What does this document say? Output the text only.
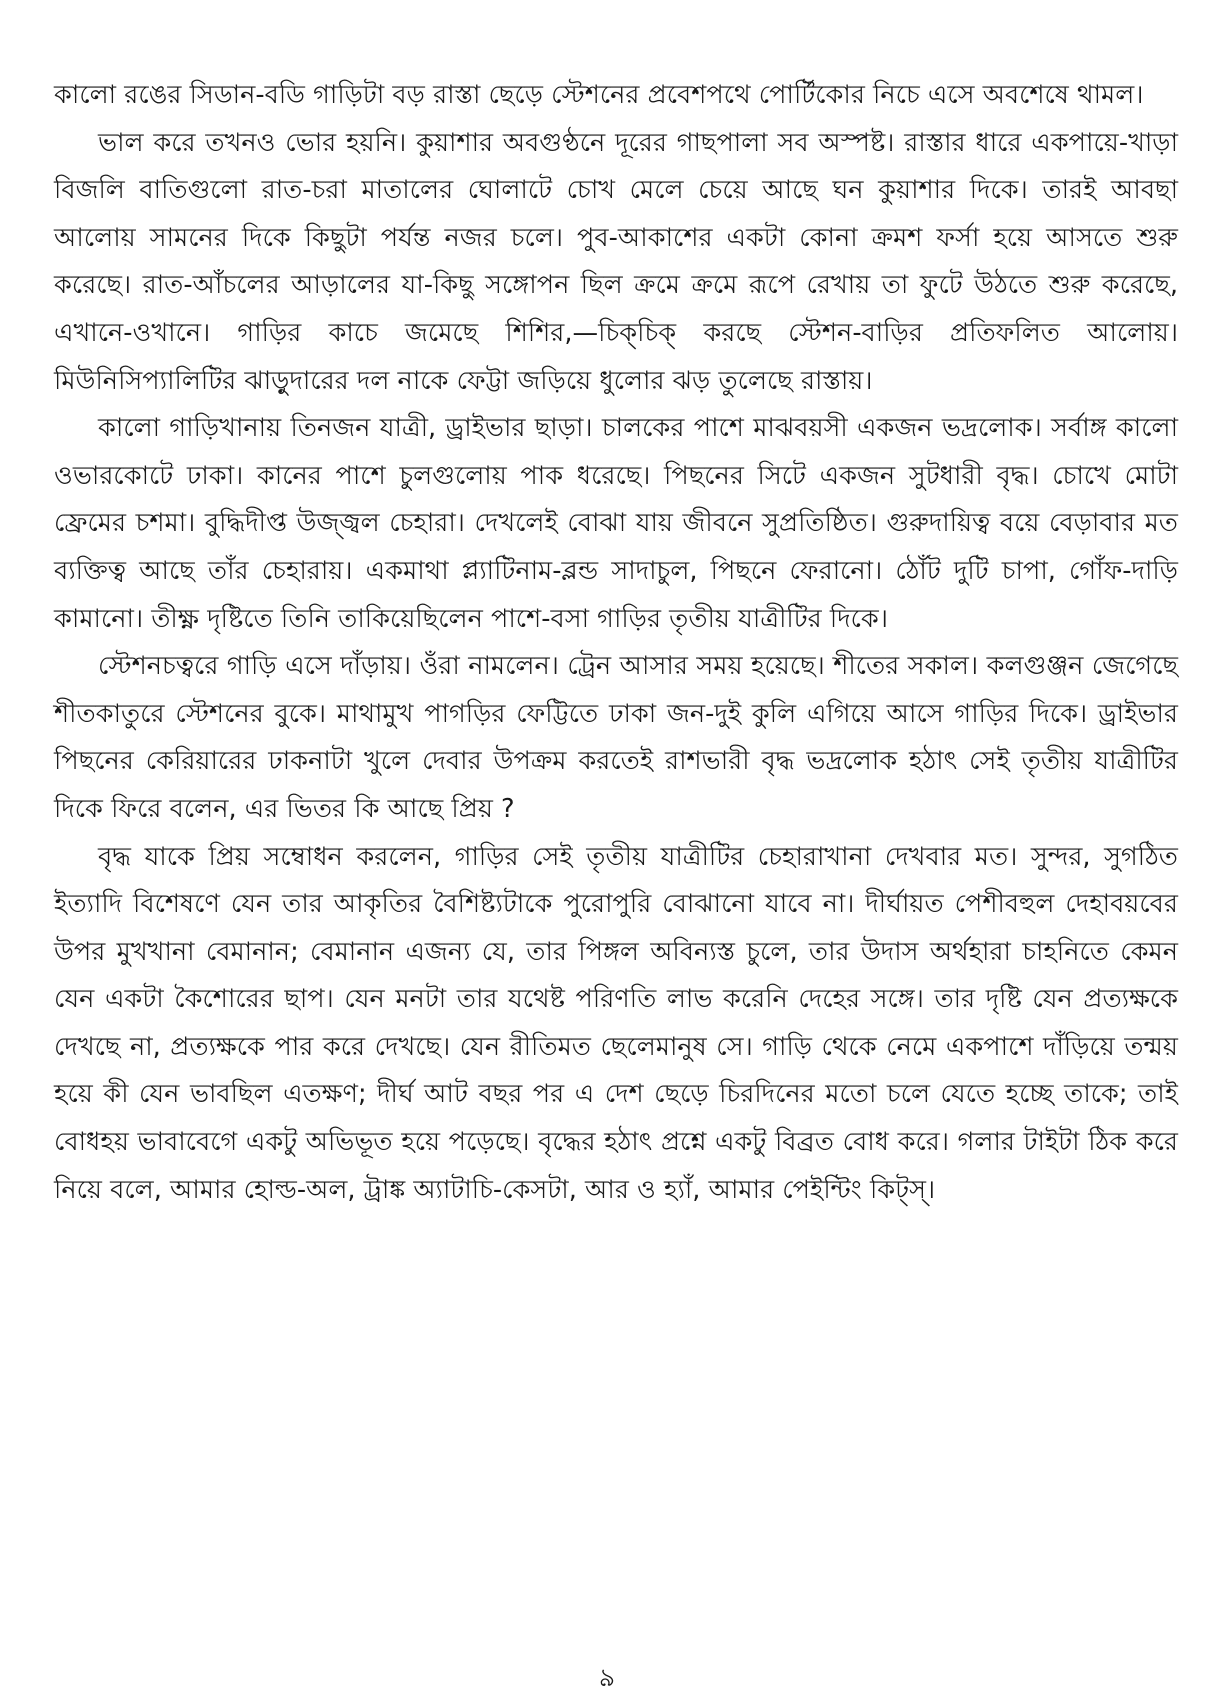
কালো রঙের সিডান-বডি গাড়িটা বড় রাস্তা ছেড়ে স্টেশনের প্রবেশপথে পোর্টিকোর নিচে এসে অবশেষে থামল।

ভাল করে তখনও ভোর হয়নি। কুয়াশার অবগুণ্ঠনে দূরের গাছপালা সব অস্পষ্ট। রাস্তার ধারে একপায়ে-খাড়া বিজলি বাতিগুলো রাত-চরা মাতালের ঘোলাটে চোখ মেলে চেয়ে আছে ঘন কুয়াশার দিকে। তারই আবছা আলোয় সামনের দিকে কিছুটা পর্যন্ত নজর চলে। পুব-আকাশের একটা কোনা ক্রমশ ফর্সা হয়ে আসতে শুরু করেছে। রাত-আঁচলের আড়ালের যা-কিছু সঙ্গোপন ছিল ক্রমে ক্রমে রূপে রেখায় তা ফুটে উঠতে শুরু করেছে, এখানে-ওখানে। গাড়ির কাচে জমেছে শিশির,—চিক্‌চিক্ করছে স্টেশন-বাড়ির প্রতিফলিত আলোয়। মিউনিসিপ্যালিটির ঝাড়ুদারের দল নাকে ফেট্টা জড়িয়ে ধুলোর ঝড় তুলেছে রাস্তায়।

কালো গাড়িখানায় তিনজন যাত্রী, ড্রাইভার ছাড়া। চালকের পাশে মাঝবয়সী একজন ভদ্রলোক। সর্বাঙ্গ কালো ওভারকোটে ঢাকা। কানের পাশে চুলগুলোয় পাক ধরেছে। পিছনের সিটে একজন সুটধারী বৃদ্ধ। চোখে মোটা ফ্রেমের চশমা। বুদ্ধিদীপ্ত উজ্জ্বল চেহারা। দেখলেই বোঝা যায় জীবনে সুপ্রতিষ্ঠিত। গুরুদায়িত্ব বয়ে বেড়াবার মত ব্যক্তিত্ব আছে তাঁর চেহারায়। একমাথা প্ল্যাটিনাম-ব্লন্ড সাদাচুল, পিছনে ফেরানো। ঠোঁট দুটি চাপা, গোঁফ-দাড়ি কামানো। তীক্ষ্ণ দৃষ্টিতে তিনি তাকিয়েছিলেন পাশে-বসা গাড়ির তৃতীয় যাত্রীটির দিকে।

স্টেশনচত্বরে গাড়ি এসে দাঁড়ায়। ওঁরা নামলেন। ট্রেন আসার সময় হয়েছে। শীতের সকাল। কলগুঞ্জন জেগেছে শীতকাতুরে স্টেশনের বুকে। মাথামুখ পাগড়ির ফেট্টিতে ঢাকা জন-দুই কুলি এগিয়ে আসে গাড়ির দিকে। ড্রাইভার পিছনের কেরিয়ারের ঢাকনাটা খুলে দেবার উপক্রম করতেই রাশভারী বৃদ্ধ ভদ্রলোক হঠাৎ সেই তৃতীয় যাত্রীটির দিকে ফিরে বলেন, এর ভিতর কি আছে প্রিয় ?

বৃদ্ধ যাকে প্রিয় সম্বোধন করলেন, গাড়ির সেই তৃতীয় যাত্রীটির চেহারাখানা দেখবার মত। সুন্দর, সুগঠিত ইত্যাদি বিশেষণে যেন তার আকৃতির বৈশিষ্ট্যটাকে পুরোপুরি বোঝানো যাবে না। দীর্ঘায়ত পেশীবহুল দেহাবয়বের উপর মুখখানা বেমানান; বেমানান এজন্য যে, তার পিঙ্গল অবিন্যস্ত চুলে, তার উদাস অর্থহারা চাহনিতে কেমন যেন একটা কৈশোরের ছাপ। যেন মনটা তার যথেষ্ট পরিণতি লাভ করেনি দেহের সঙ্গে। তার দৃষ্টি যেন প্রত্যক্ষকে দেখছে না, প্রত্যক্ষকে পার করে দেখছে। যেন রীতিমত ছেলেমানুষ সে। গাড়ি থেকে নেমে একপাশে দাঁড়িয়ে তন্ময় হয়ে কী যেন ভাবছিল এতক্ষণ; দীর্ঘ আট বছর পর এ দেশ ছেড়ে চিরদিনের মতো চলে যেতে হচ্ছে তাকে; তাই বোধহয় ভাবাবেগে একটু অভিভূত হয়ে পড়েছে। বৃদ্ধের হঠাৎ প্রশ্নে একটু বিব্রত বোধ করে। গলার টাইটা ঠিক করে নিয়ে বলে, আমার হোল্ড-অল, ট্রাঙ্ক অ্যাটাচি-কেসটা, আর ও হ্যাঁ, আমার পেইন্টিং কিট্‌স্।

৯
